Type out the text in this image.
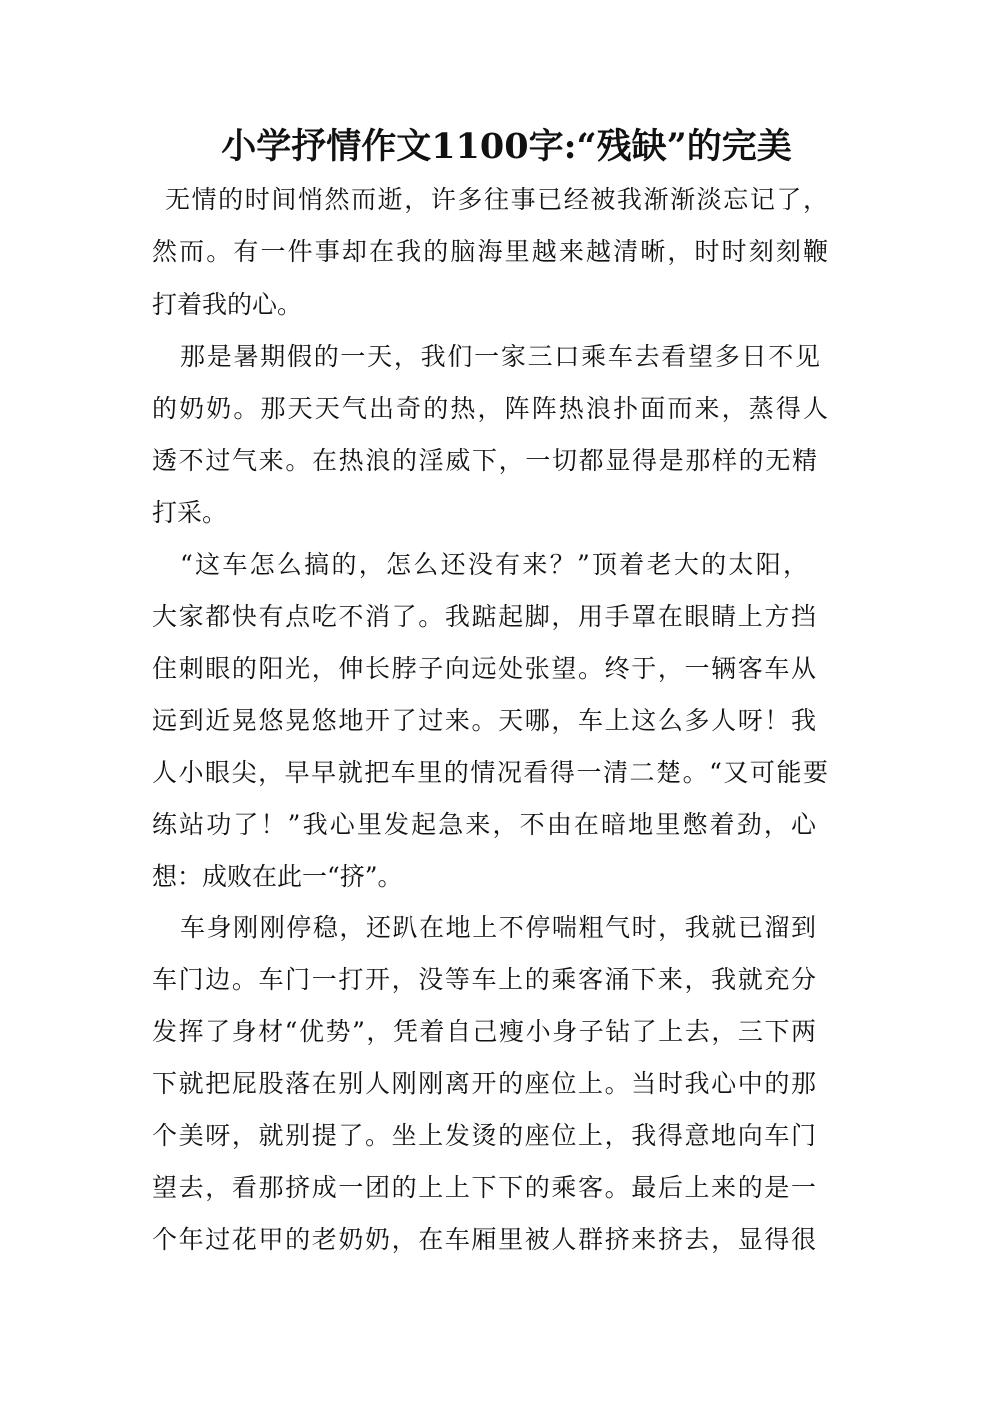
小学抒情作文1100字:“残缺”的完美
无情的时间悄然而逝，许多往事已经被我渐渐淡忘记了，
然而。有一件事却在我的脑海里越来越清晰，时时刻刻鞭
打着我的心。
那是暑期假的一天，我们一家三口乘车去看望多日不见
的奶奶。那天天气出奇的热，阵阵热浪扑面而来，蒸得人
透不过气来。在热浪的淫威下，一切都显得是那样的无精
打采。
“这车怎么搞的，怎么还没有来？”顶着老大的太阳，
大家都快有点吃不消了。我踮起脚，用手罩在眼睛上方挡
住刺眼的阳光，伸长脖子向远处张望。终于，一辆客车从
远到近晃悠晃悠地开了过来。天哪，车上这么多人呀！我
人小眼尖，早早就把车里的情况看得一清二楚。“又可能要
练站功了！”我心里发起急来，不由在暗地里憋着劲，心
想：成败在此一“挤”。
车身刚刚停稳，还趴在地上不停喘粗气时，我就已溜到
车门边。车门一打开，没等车上的乘客涌下来，我就充分
发挥了身材“优势”，凭着自己瘦小身子钻了上去，三下两
下就把屁股落在别人刚刚离开的座位上。当时我心中的那
个美呀，就别提了。坐上发烫的座位上，我得意地向车门
望去，看那挤成一团的上上下下的乘客。最后上来的是一
个年过花甲的老奶奶，在车厢里被人群挤来挤去，显得很
